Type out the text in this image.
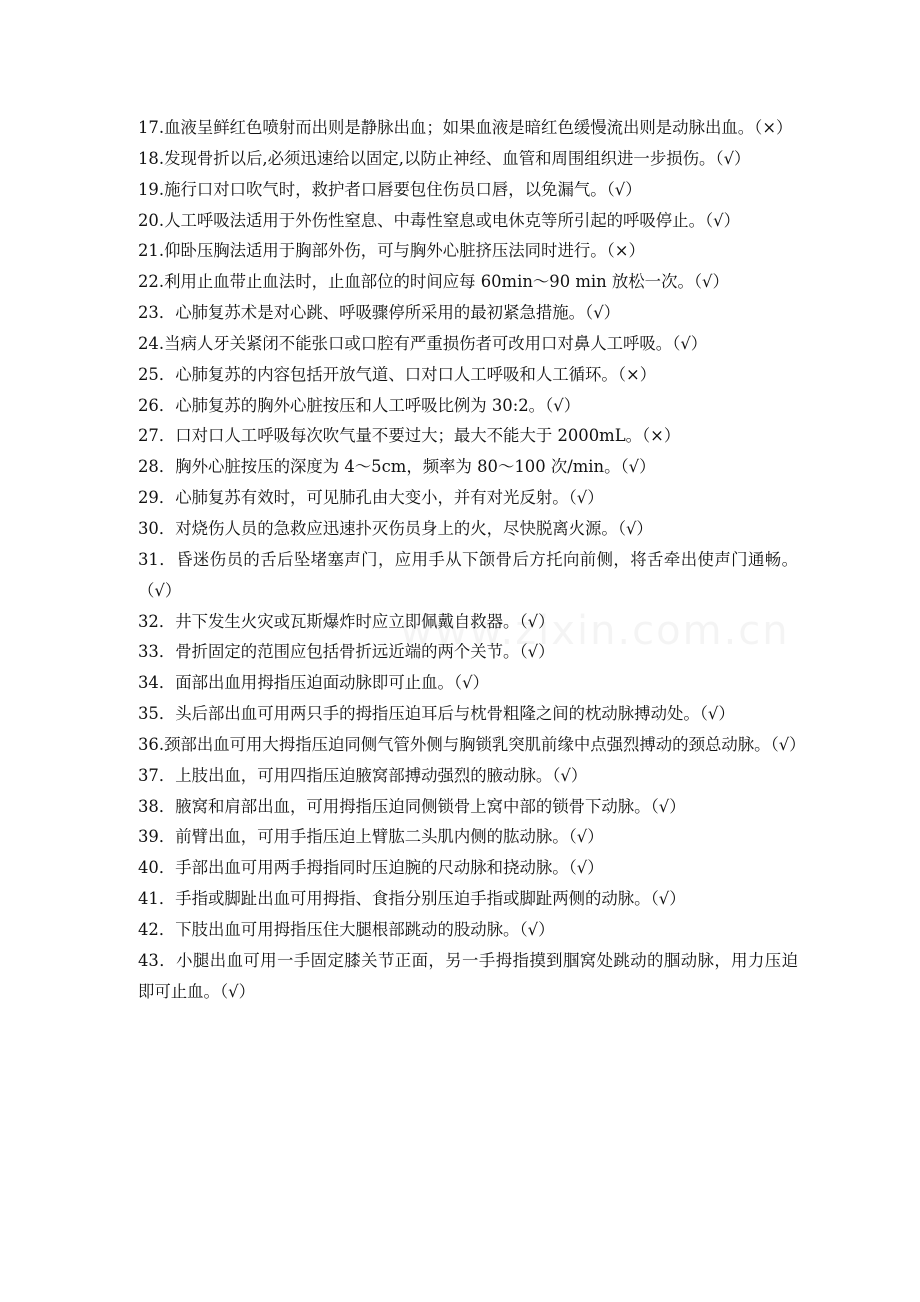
17.血液呈鲜红色喷射而出则是静脉出血；如果血液是暗红色缓慢流出则是动脉出血。（×）

18.发现骨折以后,必须迅速给以固定,以防止神经、血管和周围组织进一步损伤。（√）

19.施行口对口吹气时，救护者口唇要包住伤员口唇，以免漏气。（√）

20.人工呼吸法适用于外伤性窒息、中毒性窒息或电休克等所引起的呼吸停止。（√）

21.仰卧压胸法适用于胸部外伤，可与胸外心脏挤压法同时进行。（×）

22.利用止血带止血法时，止血部位的时间应每 60min～90 min 放松一次。（√）

23．心肺复苏术是对心跳、呼吸骤停所采用的最初紧急措施。（√）

24.当病人牙关紧闭不能张口或口腔有严重损伤者可改用口对鼻人工呼吸。（√）

25．心肺复苏的内容包括开放气道、口对口人工呼吸和人工循环。（×）

26．心肺复苏的胸外心脏按压和人工呼吸比例为 30:2。（√）

27．口对口人工呼吸每次吹气量不要过大；最大不能大于 2000mL。（×）

28．胸外心脏按压的深度为 4～5cm，频率为 80～100 次/min。（√）

29．心肺复苏有效时，可见肺孔由大变小，并有对光反射。（√）

30．对烧伤人员的急救应迅速扑灭伤员身上的火，尽快脱离火源。（√）

31．昏迷伤员的舌后坠堵塞声门，应用手从下颌骨后方托向前侧，将舌牵出使声门通畅。（√）

32．井下发生火灾或瓦斯爆炸时应立即佩戴自救器。（√）

33．骨折固定的范围应包括骨折远近端的两个关节。（√）

34．面部出血用拇指压迫面动脉即可止血。（√）

35．头后部出血可用两只手的拇指压迫耳后与枕骨粗隆之间的枕动脉搏动处。（√）

36.颈部出血可用大拇指压迫同侧气管外侧与胸锁乳突肌前缘中点强烈搏动的颈总动脉。（√）

37．上肢出血，可用四指压迫腋窝部搏动强烈的腋动脉。（√）

38．腋窝和肩部出血，可用拇指压迫同侧锁骨上窝中部的锁骨下动脉。（√）

39．前臂出血，可用手指压迫上臂肱二头肌内侧的肱动脉。（√）

40．手部出血可用两手拇指同时压迫腕的尺动脉和挠动脉。（√）

41．手指或脚趾出血可用拇指、食指分别压迫手指或脚趾两侧的动脉。（√）

42．下肢出血可用拇指压住大腿根部跳动的股动脉。（√）

43．小腿出血可用一手固定膝关节正面，另一手拇指摸到腘窝处跳动的腘动脉，用力压迫即可止血。（√）
